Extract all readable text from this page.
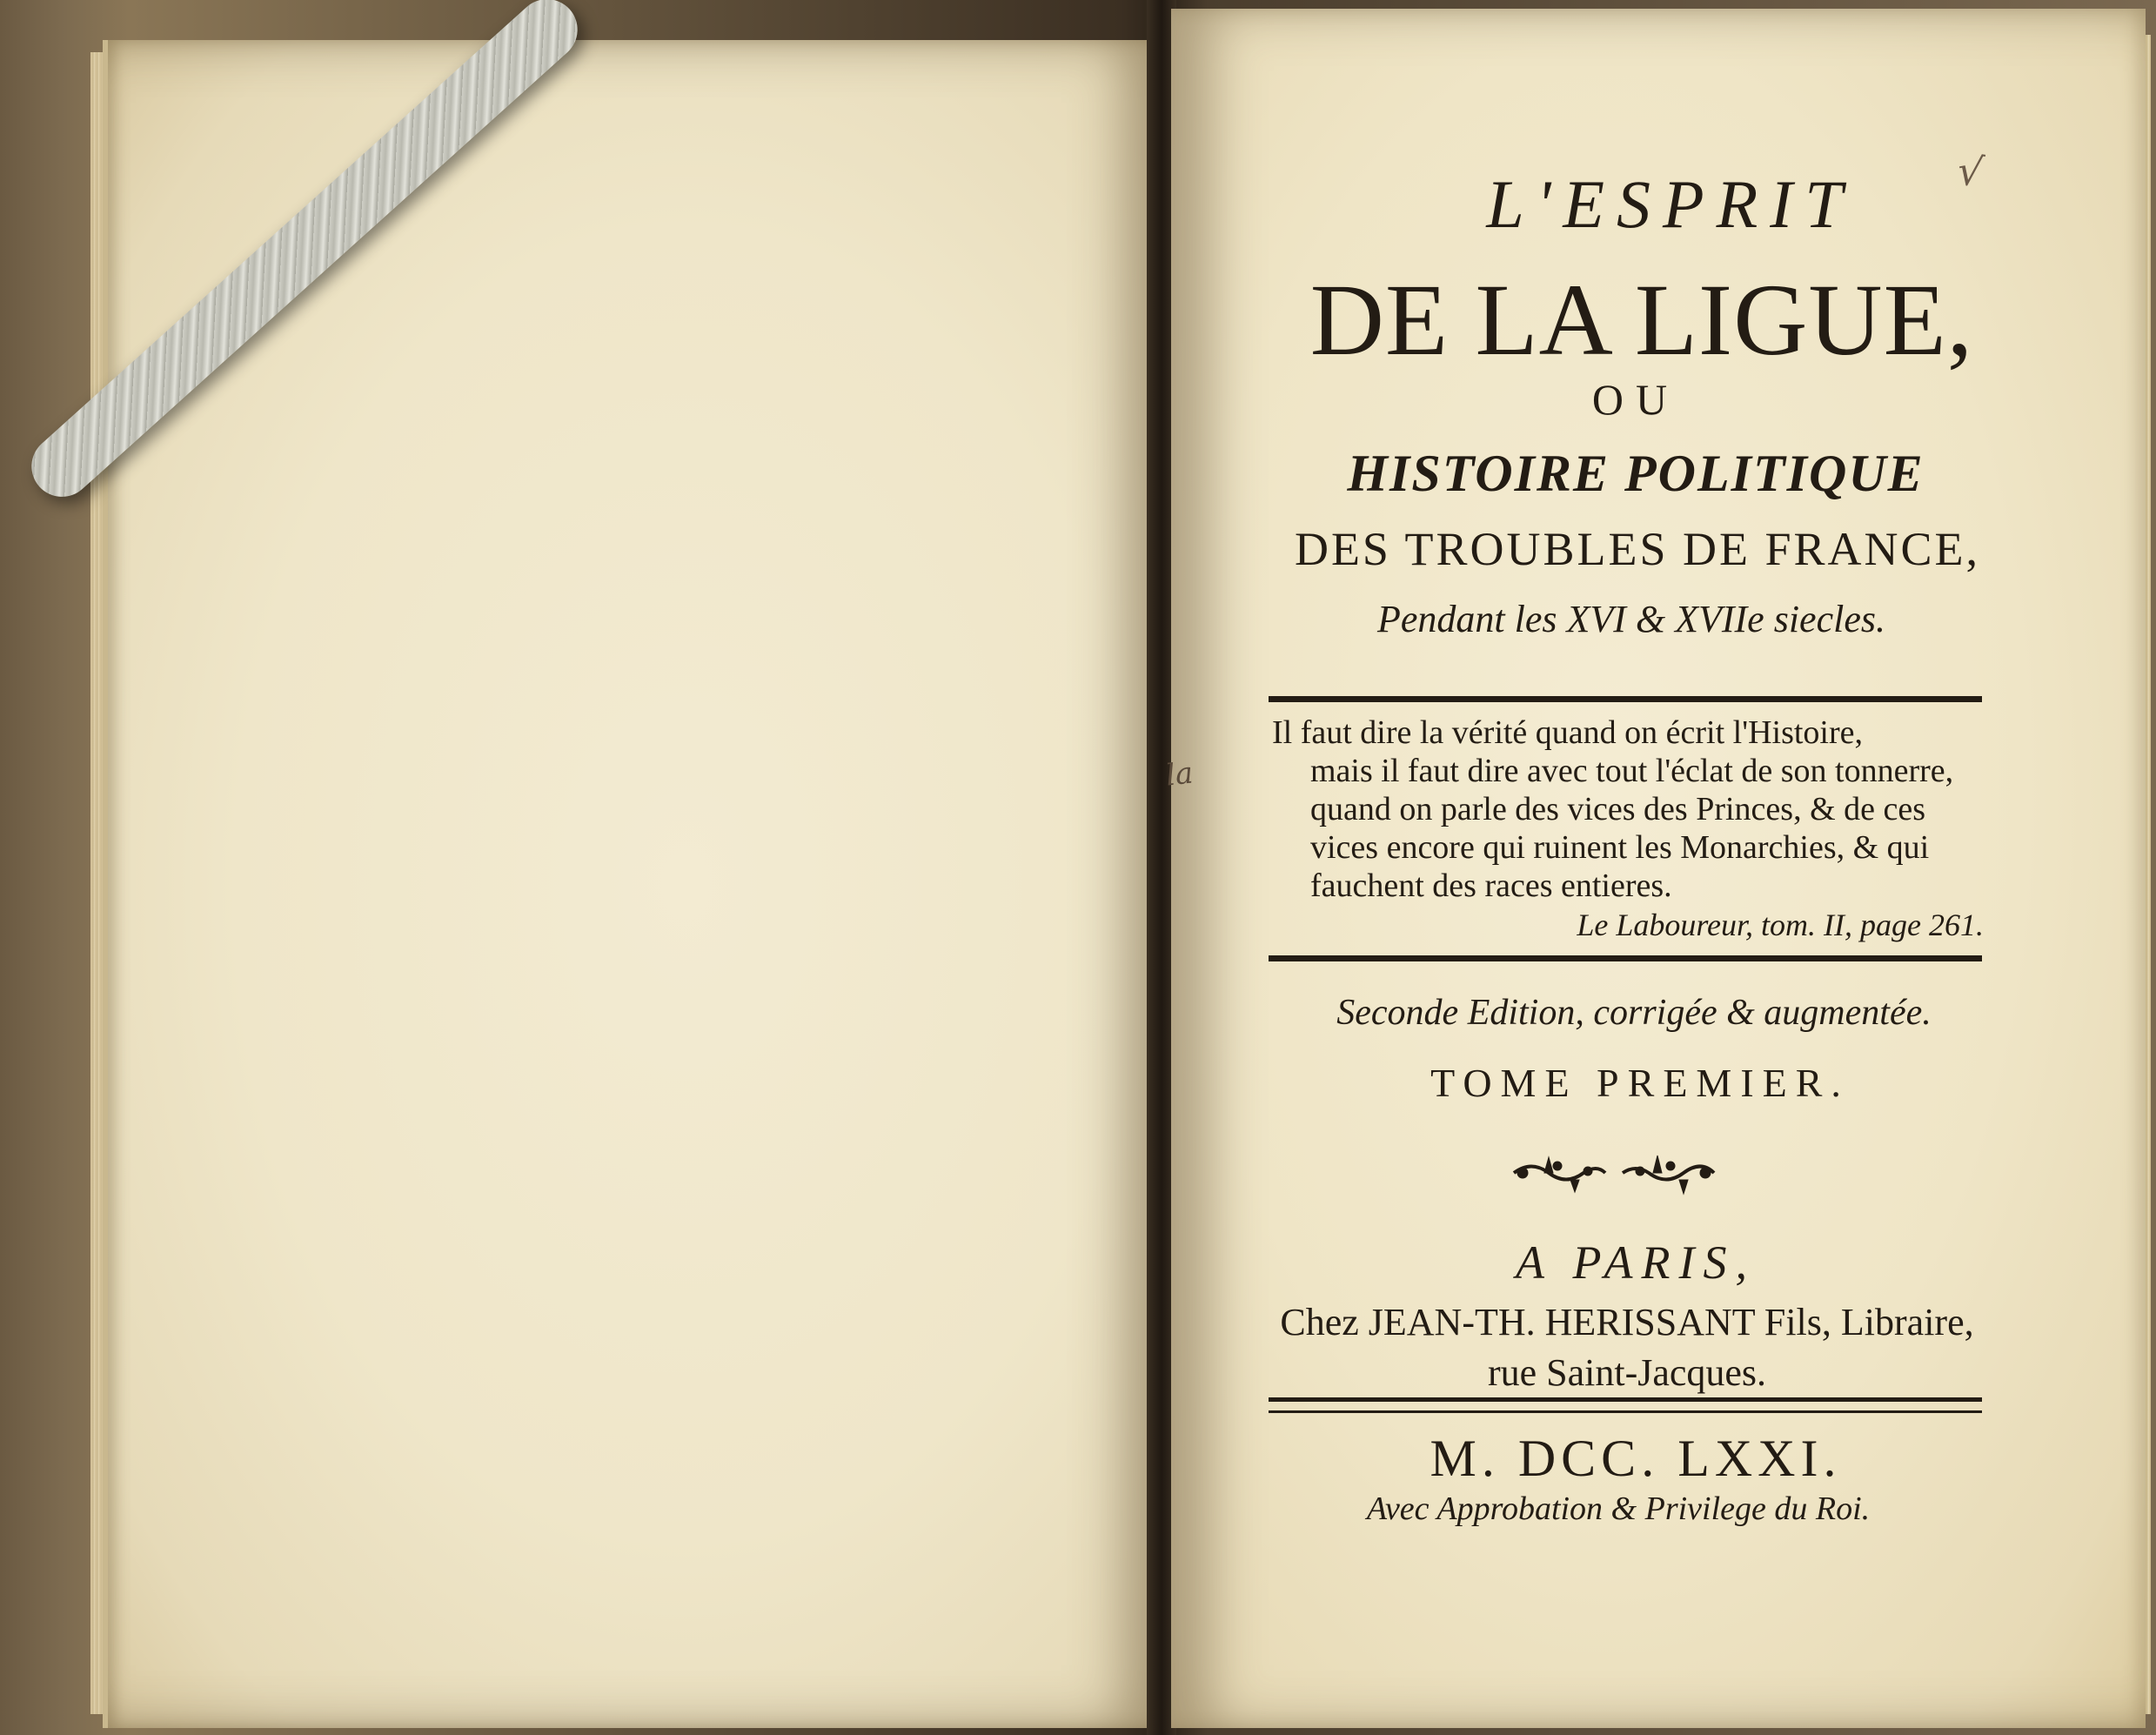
L'ESPRIT
DE LA LIGUE,
OU
HISTOIRE POLITIQUE
DES TROUBLES DE FRANCE,
Pendant les XVI & XVIIe siecles.
Il faut dire la vérité quand on écrit l'Histoire,
mais il faut dire avec tout l'éclat de son tonnerre,
quand on parle des vices des Princes, & de ces
vices encore qui ruinent les Monarchies, & qui
fauchent des races entieres.
Le Laboureur, tom. II, page 261.
Seconde Edition, corrigée & augmentée.
TOME PREMIER.
A PARIS,
Chez JEAN-TH. HERISSANT Fils, Libraire,
rue Saint-Jacques.
M. DCC. LXXI.
Avec Approbation & Privilege du Roi.
la
√
